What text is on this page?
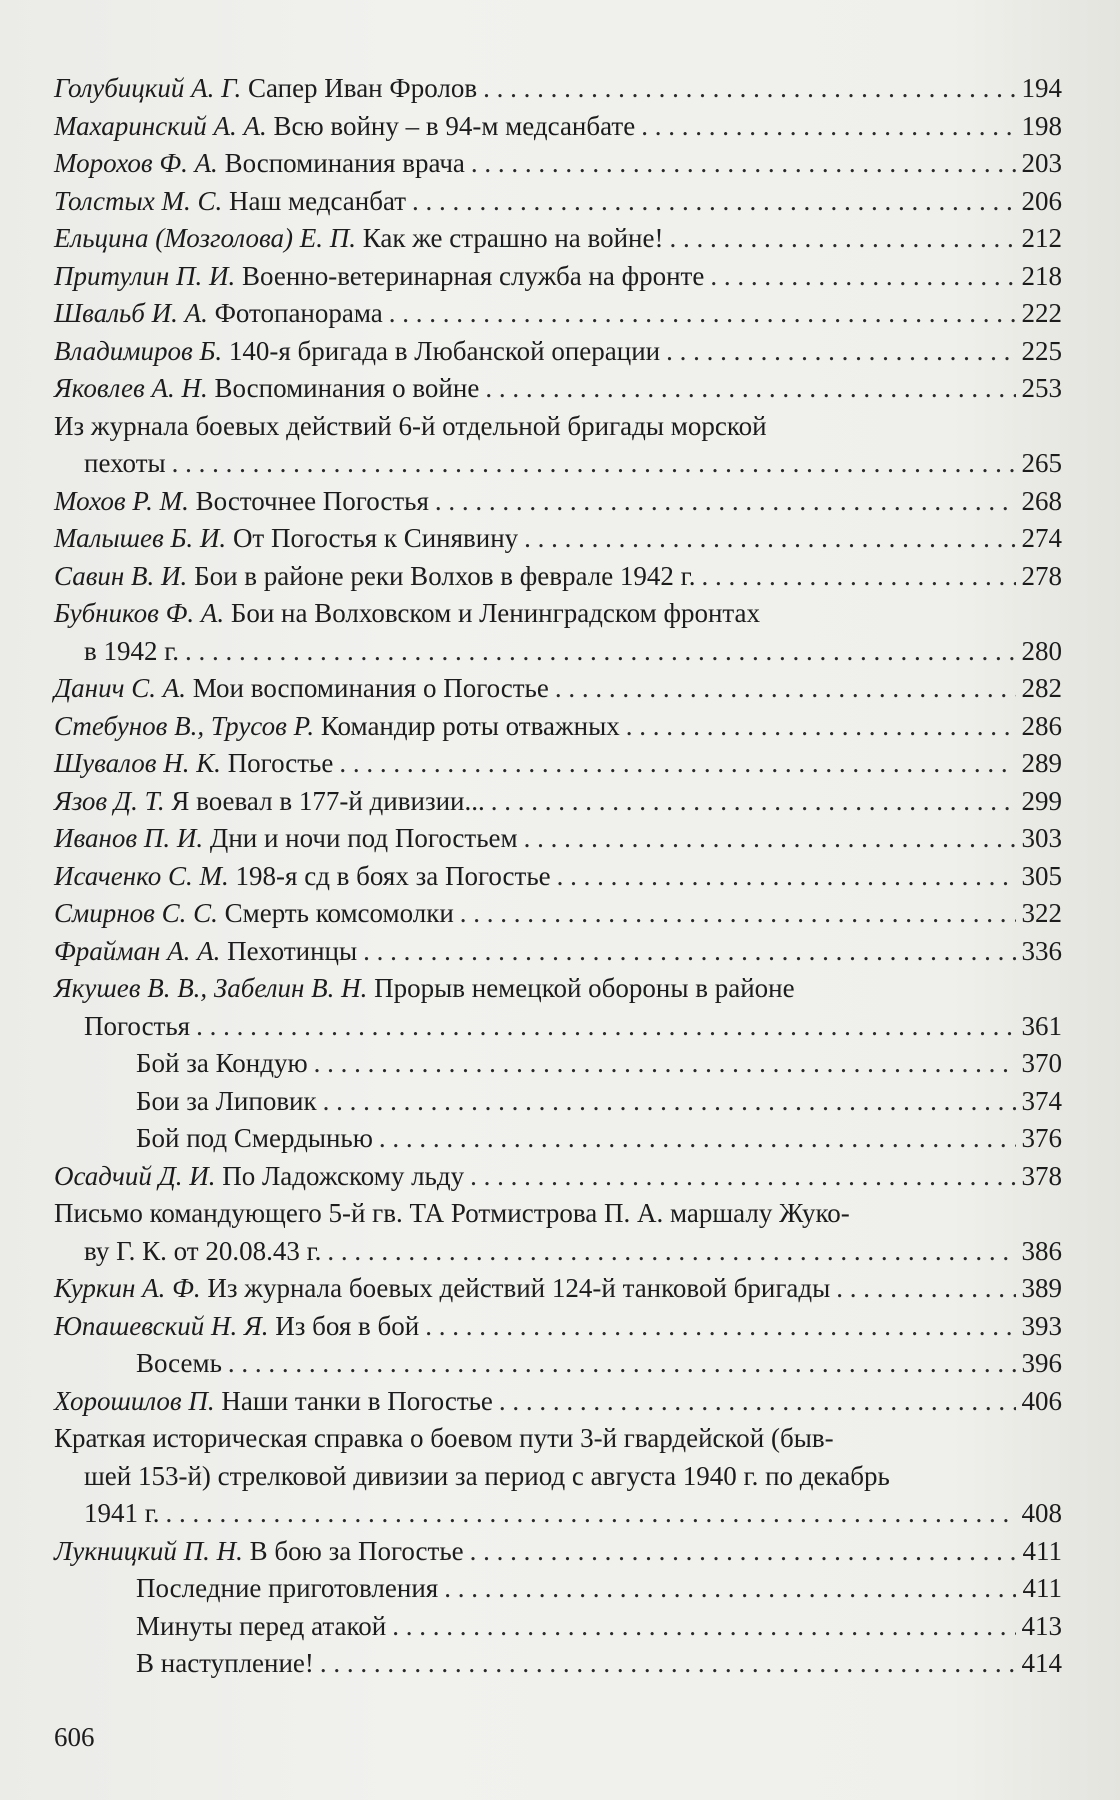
Голубицкий А. Г. Сапер Иван Фролов . . .	194
Махаринский А. А. Всю войну – в 94-м медсанбате . . .	198
Морохов Ф. А. Воспоминания врача . . .	203
Толстых М. С. Наш медсанбат . . .	206
Ельцина (Мозголова) Е. П. Как же страшно на войне! . . .	212
Притулин П. И. Военно-ветеринарная служба на фронте . . .	218
Швальб И. А. Фотопанорама . . .	222
Владимиров Б. 140-я бригада в Любанской операции . . .	225
Яковлев А. Н. Воспоминания о войне . . .	253
Из журнала боевых действий 6-й отдельной бригады морской
пехоты . . .	265
Мохов Р. М. Восточнее Погостья . . .	268
Малышев Б. И. От Погостья к Синявину . . .	274
Савин В. И. Бои в районе реки Волхов в феврале 1942 г. . . .	278
Бубников Ф. А. Бои на Волховском и Ленинградском фронтах
в 1942 г. . . .	280
Данич С. А. Мои воспоминания о Погостье . . .	282
Стебунов В., Трусов Р. Командир роты отважных . . .	286
Шувалов Н. К. Погостье . . .	289
Язов Д. Т. Я воевал в 177-й дивизии... . . .	299
Иванов П. И. Дни и ночи под Погостьем . . .	303
Исаченко С. М. 198-я сд в боях за Погостье . . .	305
Смирнов С. С. Смерть комсомолки . . .	322
Фрайман А. А. Пехотинцы . . .	336
Якушев В. В., Забелин В. Н. Прорыв немецкой обороны в районе
Погостья . . .	361
Бой за Кондую . . .	370
Бои за Липовик . . .	374
Бой под Смердынью . . .	376
Осадчий Д. И. По Ладожскому льду . . .	378
Письмо командующего 5-й гв. ТА Ротмистрова П. А. маршалу Жуко-
ву Г. К. от 20.08.43 г. . . .	386
Куркин А. Ф. Из журнала боевых действий 124-й танковой бригады . . .	389
Юпашевский Н. Я. Из боя в бой . . .	393
Восемь . . .	396
Хорошилов П. Наши танки в Погостье . . .	406
Краткая историческая справка о боевом пути 3-й гвардейской (быв-
шей 153-й) стрелковой дивизии за период с августа 1940 г. по декабрь
1941 г. . . .	408
Лукницкий П. Н. В бою за Погостье . . .	411
Последние приготовления . . .	411
Минуты перед атакой . . .	413
В наступление! . . .	414
606
